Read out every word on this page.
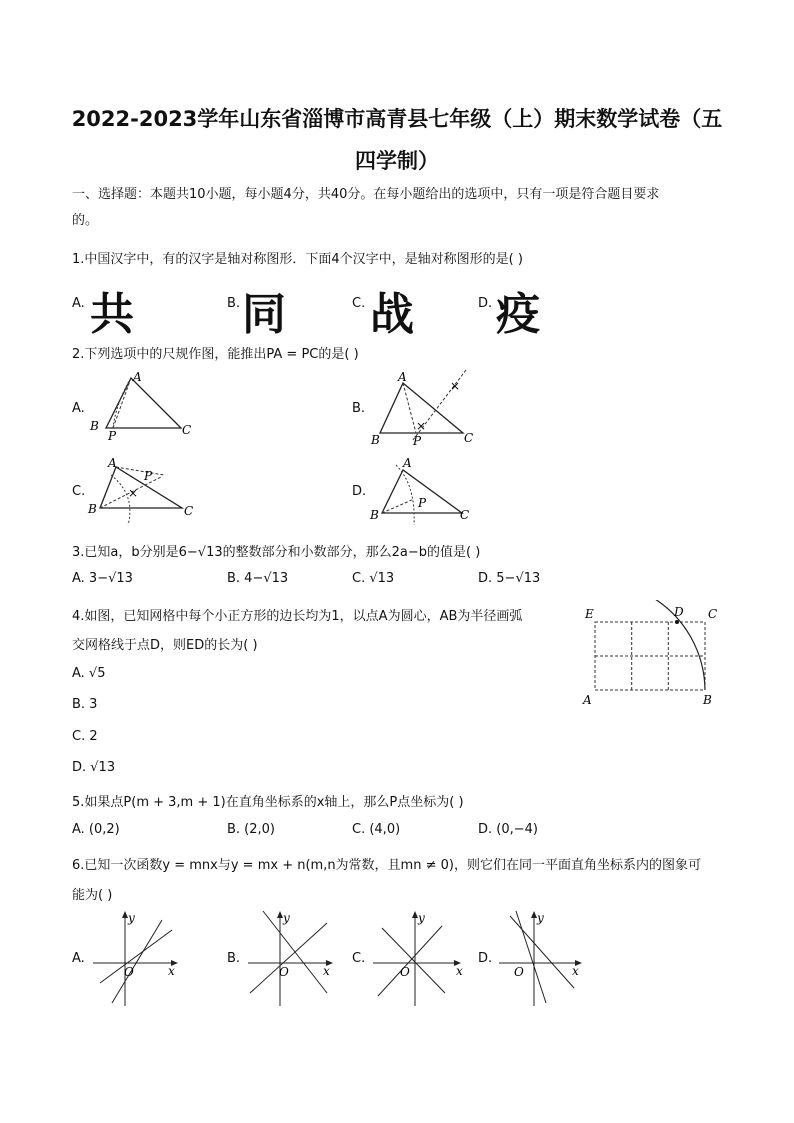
2022-2023学年山东省淄博市高青县七年级（上）期末数学试卷（五
四学制）
一、选择题：本题共10小题，每小题4分，共40分。在每小题给出的选项中，只有一项是符合题目要求
的。
1.中国汉字中，有的汉字是轴对称图形．下面4个汉字中，是轴对称图形的是( )
A. 共	B. 同	C. 战	D. 疫
2.下列选项中的尺规作图，能推出PA = PC的是( )
A.
A
B	C
P
B.
×
×
A
B	C
P
C.	×
A
B	C
P
D.
A
B	C
P
3.已知a，b分别是6−√13的整数部分和小数部分，那么2a−b的值是( )
A. 3−√13	B. 4−√13	C. √13	D. 5−√13
4.如图，已知网格中每个小正方形的边长均为1，以点A为圆心，AB为半径画弧
交网格线于点D，则ED的长为( )
A. √5
B. 3
C. 2
D. √13
E	D C
A	B
5.如果点P(m + 3,m + 1)在直角坐标系的x轴上，那么P点坐标为( )
A. (0,2)	B. (2,0)	C. (4,0)	D. (0,−4)
6.已知一次函数y = mnx与y = mx + n(m,n为常数，且mn ≠ 0)，则它们在同一平面直角坐标系内的图象可
能为( )
A.
y
x
O
B.
y
x
O
C.
y
x
O
D.
y
x
O
